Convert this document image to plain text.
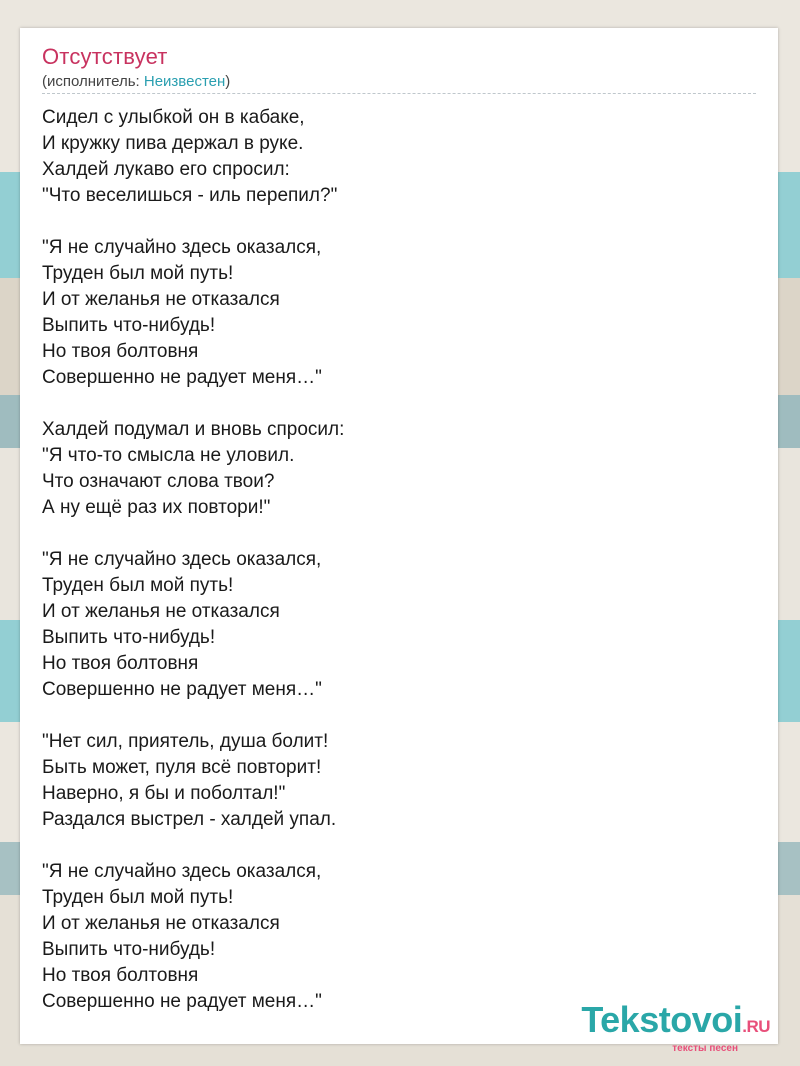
Отсутствует
(исполнитель: Неизвестен)
Сидел с улыбкой он в кабаке,
И кружку пива держал в руке.
Халдей лукаво его спросил:
"Что веселишься - иль перепил?"
"Я не случайно здесь оказался,
Труден был мой путь!
И от желанья не отказался
Выпить что-нибудь!
Но твоя болтовня
Совершенно не радует меня…"
Халдей подумал и вновь спросил:
"Я что-то смысла не уловил.
Что означают слова твои?
А ну ещё раз их повтори!"
"Я не случайно здесь оказался,
Труден был мой путь!
И от желанья не отказался
Выпить что-нибудь!
Но твоя болтовня
Совершенно не радует меня…"
"Нет сил, приятель, душа болит!
Быть может, пуля всё повторит!
Наверно, я бы и поболтал!"
Раздался выстрел - халдей упал.
"Я не случайно здесь оказался,
Труден был мой путь!
И от желанья не отказался
Выпить что-нибудь!
Но твоя болтовня
Совершенно не радует меня…"	Tekstovoi.RU
тексты песен
